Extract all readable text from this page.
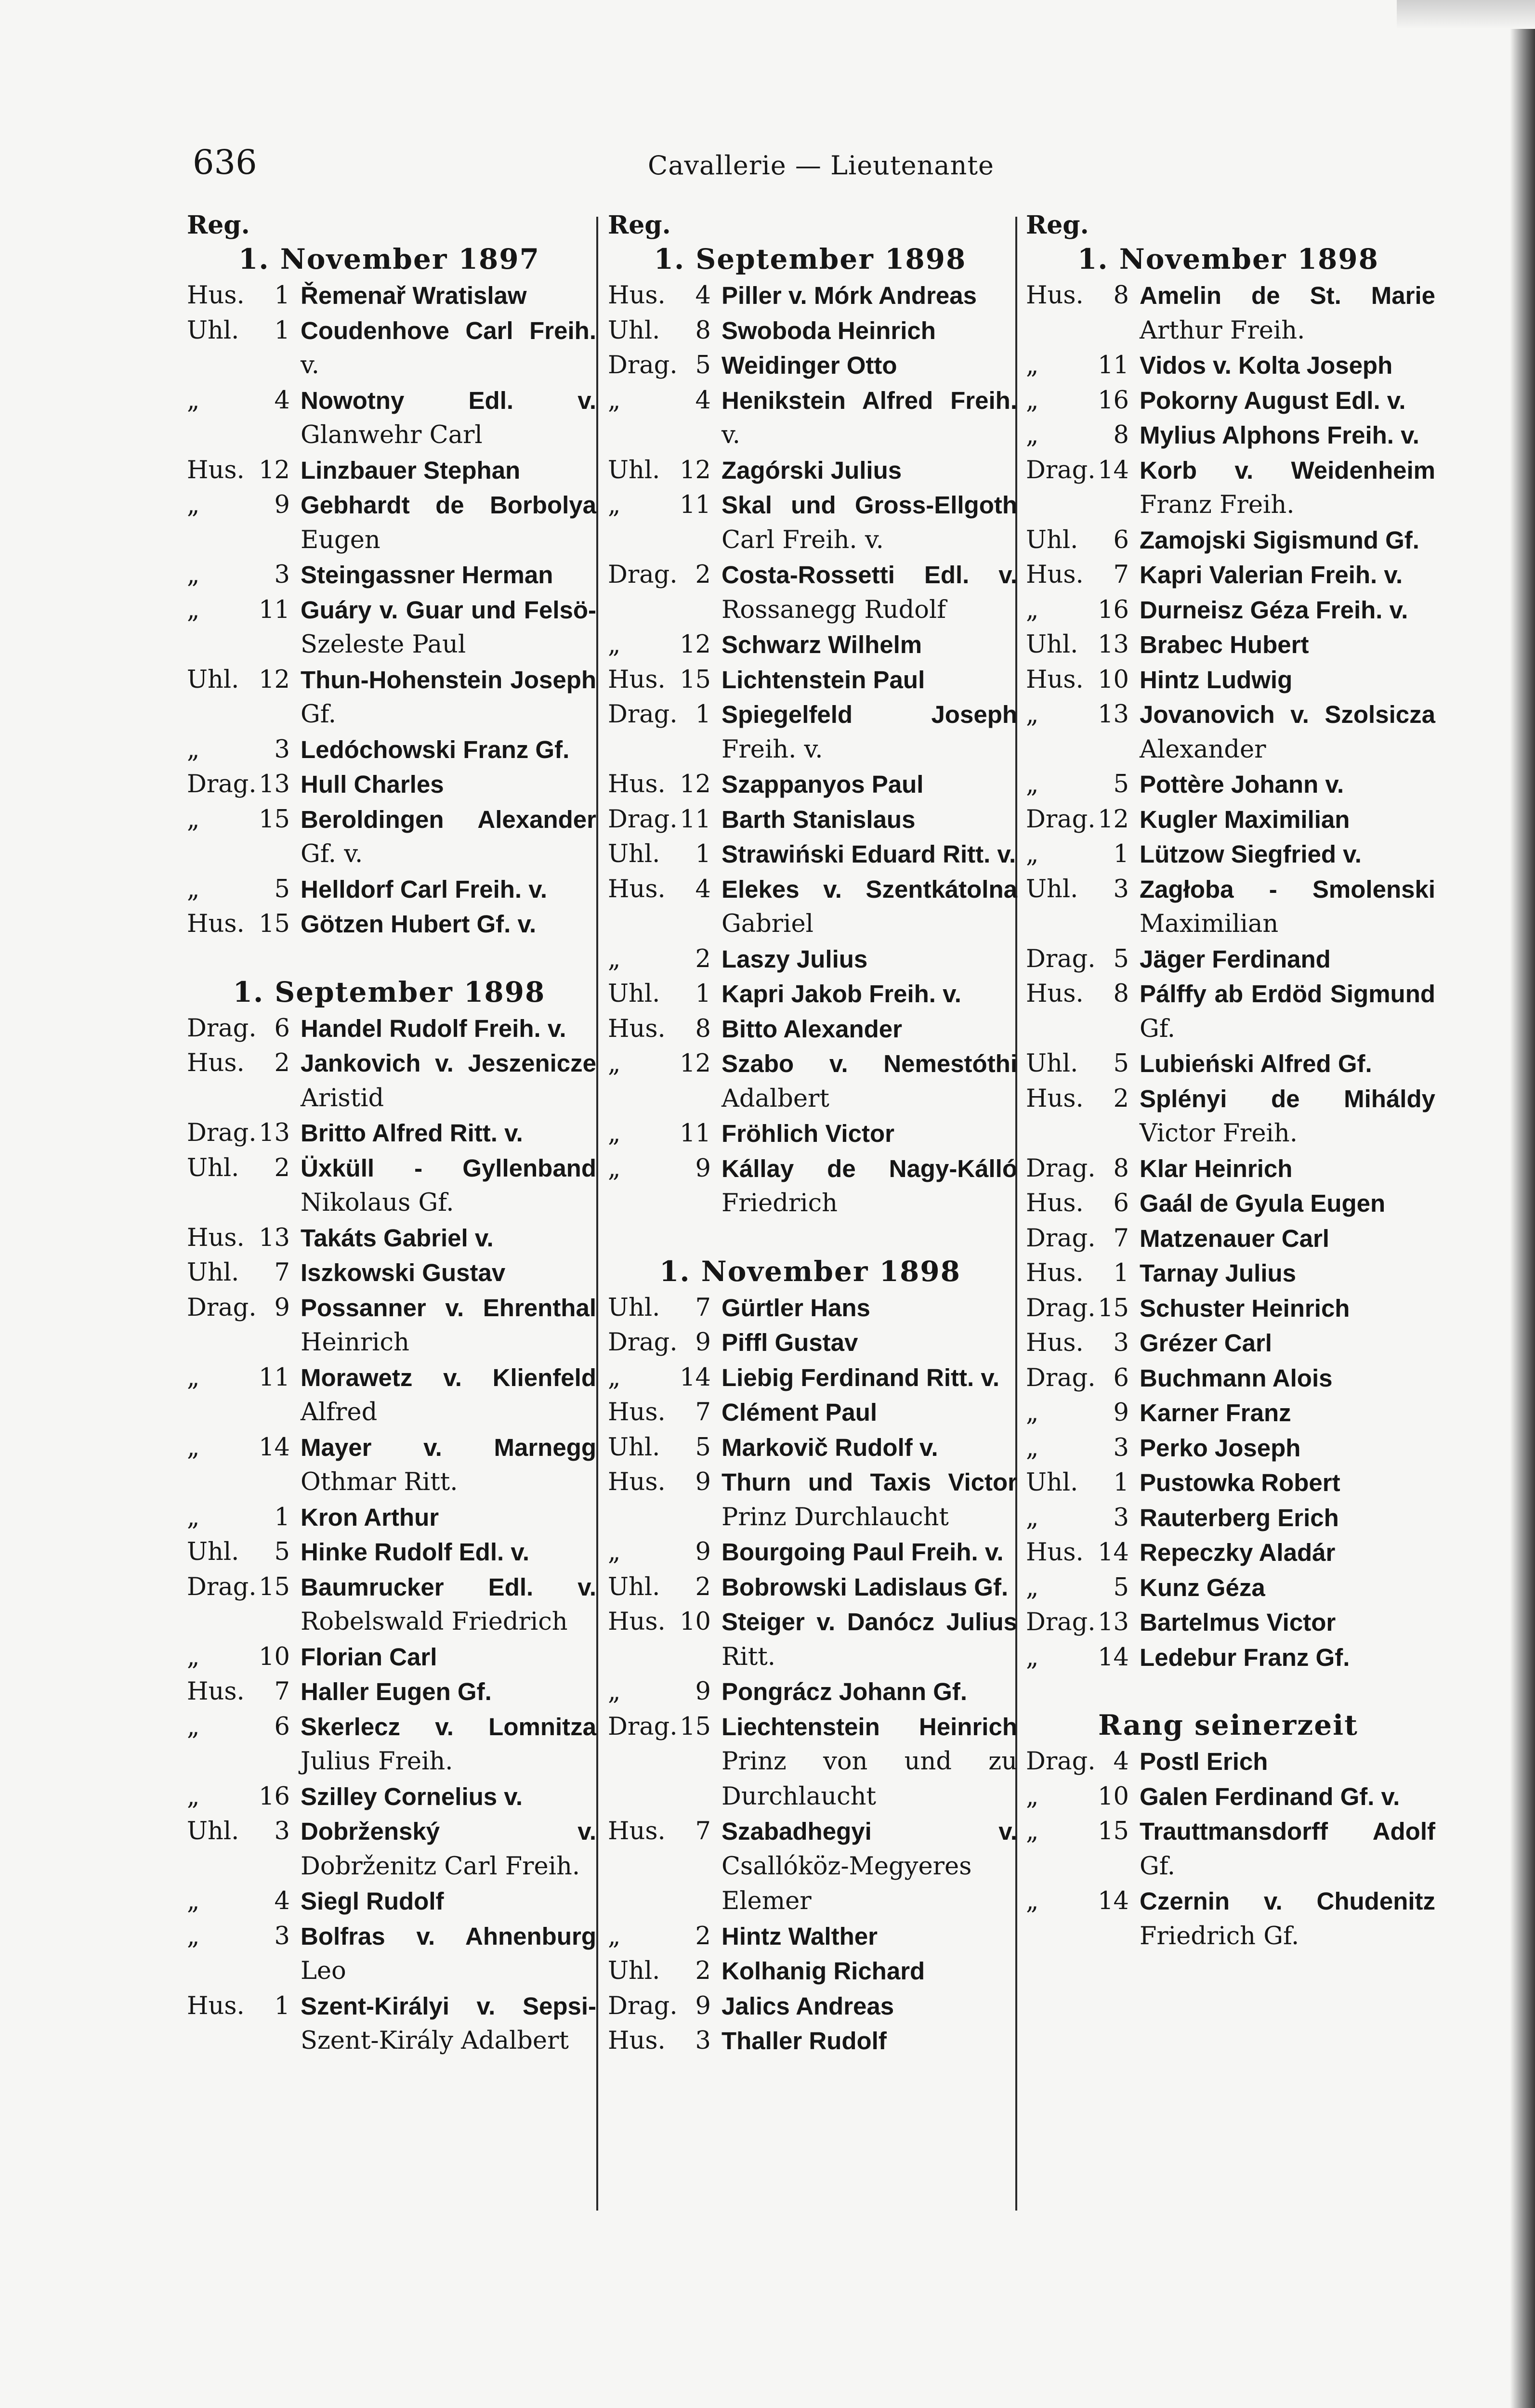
636	Cavallerie — Lieutenante
Reg.
1. November 1897
Hus.	1 Řemenař Wratislaw
Uhl.	1 Coudenhove Carl Freih. v.
„	4 Nowotny Edl. v. Glanwehr Carl
Hus. 12 Linzbauer Stephan
„	9 Gebhardt de Borbolya Eugen
„	3 Steingassner Herman
„	11 Guáry v. Guar und Felsö-Szeleste Paul
Uhl. 12 Thun-Hohenstein Joseph Gf.
„	3 Ledóchowski Franz Gf.
Drag. 13 Hull Charles
„	15 Beroldingen Alexander Gf. v.
„	5 Helldorf Carl Freih. v.
Hus. 15 Götzen Hubert Gf. v.
1. September 1898
Drag. 6 Handel Rudolf Freih. v.
Hus.	2 Jankovich v. Jeszenicze Aristid
Drag. 13 Britto Alfred Ritt. v.
Uhl.	2 Üxküll - Gyllenband Nikolaus Gf.
Hus. 13 Takáts Gabriel v.
Uhl.	7 Iszkowski Gustav
Drag. 9 Possanner v. Ehrenthal Heinrich
„	11 Morawetz v. Klienfeld Alfred
„	14 Mayer v. Marnegg Othmar Ritt.
„	1 Kron Arthur
Uhl.	5 Hinke Rudolf Edl. v.
Drag. 15 Baumrucker Edl. v. Robelswald Friedrich
„	10 Florian Carl
Hus.	7 Haller Eugen Gf.
„	6 Skerlecz v. Lomnitza Julius Freih.
„	16 Szilley Cornelius v.
Uhl.	3 Dobrženský v. Dobrženitz Carl Freih.
„	4 Siegl Rudolf
„	3 Bolfras v. Ahnenburg Leo
Hus.	1 Szent-Királyi v. Sepsi-Szent-Király Adalbert
Reg.
1. September 1898
Hus.	4 Piller v. Mórk Andreas
Uhl.	8 Swoboda Heinrich
Drag. 5 Weidinger Otto
„	4 Henikstein Alfred Freih. v.
Uhl. 12 Zagórski Julius
„	11 Skal und Gross-Ellgoth Carl Freih. v.
Drag. 2 Costa-Rossetti Edl. v. Rossanegg Rudolf
„	12 Schwarz Wilhelm
Hus. 15 Lichtenstein Paul
Drag. 1 Spiegelfeld Joseph Freih. v.
Hus. 12 Szappanyos Paul
Drag. 11 Barth Stanislaus
Uhl.	1 Strawiński Eduard Ritt. v.
Hus.	4 Elekes v. Szentkátolna Gabriel
„	2 Laszy Julius
Uhl.	1 Kapri Jakob Freih. v.
Hus.	8 Bitto Alexander
„	12 Szabo v. Nemestóthi Adalbert
„	11 Fröhlich Victor
„	9 Kállay de Nagy-Kálló Friedrich
1. November 1898
Uhl.	7 Gürtler Hans
Drag. 9 Piffl Gustav
„	14 Liebig Ferdinand Ritt. v.
Hus.	7 Clément Paul
Uhl.	5 Markovič Rudolf v.
Hus.	9 Thurn und Taxis Victor Prinz Durchlaucht
„	9 Bourgoing Paul Freih. v.
Uhl.	2 Bobrowski Ladislaus Gf.
Hus. 10 Steiger v. Danócz Julius Ritt.
„	9 Pongrácz Johann Gf.
Drag. 15 Liechtenstein Heinrich Prinz von und zu Durchlaucht
Hus.	7 Szabadhegyi v. Csallóköz-Megyeres Elemer
„	2 Hintz Walther
Uhl.	2 Kolhanig Richard
Drag. 9 Jalics Andreas
Hus.	3 Thaller Rudolf
Reg.
1. November 1898
Hus.	8 Amelin de St. Marie Arthur Freih.
„	11 Vidos v. Kolta Joseph
„	16 Pokorny August Edl. v.
„	8 Mylius Alphons Freih. v.
Drag. 14 Korb v. Weidenheim Franz Freih.
Uhl.	6 Zamojski Sigismund Gf.
Hus.	7 Kapri Valerian Freih. v.
„	16 Durneisz Géza Freih. v.
Uhl. 13 Brabec Hubert
Hus. 10 Hintz Ludwig
„	13 Jovanovich v. Szolsicza Alexander
„	5 Pottère Johann v.
Drag. 12 Kugler Maximilian
„	1 Lützow Siegfried v.
Uhl.	3 Zagłoba - Smolenski Maximilian
Drag. 5 Jäger Ferdinand
Hus.	8 Pálffy ab Erdöd Sigmund Gf.
Uhl.	5 Lubieński Alfred Gf.
Hus.	2 Splényi de Miháldy Victor Freih.
Drag. 8 Klar Heinrich
Hus.	6 Gaál de Gyula Eugen
Drag. 7 Matzenauer Carl
Hus.	1 Tarnay Julius
Drag. 15 Schuster Heinrich
Hus.	3 Grézer Carl
Drag. 6 Buchmann Alois
„	9 Karner Franz
„	3 Perko Joseph
Uhl.	1 Pustowka Robert
„	3 Rauterberg Erich
Hus. 14 Repeczky Aladár
„	5 Kunz Géza
Drag. 13 Bartelmus Victor
„	14 Ledebur Franz Gf.
Rang seinerzeit
Drag. 4 Postl Erich
„	10 Galen Ferdinand Gf. v.
„	15 Trauttmansdorff Adolf Gf.
„	14 Czernin v. Chudenitz Friedrich Gf.
